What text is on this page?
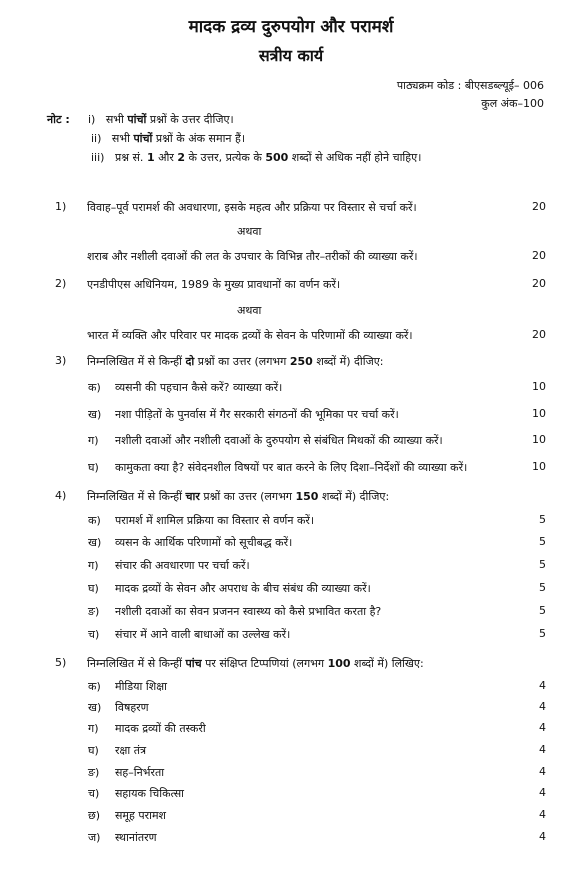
मादक द्रव्य दुरुपयोग और परामर्श
सत्रीय कार्य
पाठ्यक्रम कोड : बीएसडब्ल्यूई– 006
कुल अंक–100
नोट : i) सभी पांचों प्रश्नों के उत्तर दीजिए।
ii) सभी पांचों प्रश्नों के अंक समान हैं।
iii) प्रश्न सं. 1 और 2 के उत्तर, प्रत्येक के 500 शब्दों से अधिक नहीं होने चाहिए।
1) विवाह–पूर्व परामर्श की अवधारणा, इसके महत्व और प्रक्रिया पर विस्तार से चर्चा करें।	20
अथवा
शराब और नशीली दवाओं की लत के उपचार के विभिन्न तौर–तरीकों की व्याख्या करें।	20
2) एनडीपीएस अधिनियम, 1989 के मुख्य प्रावधानों का वर्णन करें।	20
अथवा
भारत में व्यक्ति और परिवार पर मादक द्रव्यों के सेवन के परिणामों की व्याख्या करें।	20
3) निम्नलिखित में से किन्हीं दो प्रश्नों का उत्तर (लगभग 250 शब्दों में) दीजिए:
क) व्यसनी की पहचान कैसे करें? व्याख्या करें।	10
ख) नशा पीड़ितों के पुनर्वास में गैर सरकारी संगठनों की भूमिका पर चर्चा करें।	10
ग) नशीली दवाओं और नशीली दवाओं के दुरुपयोग से संबंधित मिथकों की व्याख्या करें।	10
घ) कामुकता क्या है? संवेदनशील विषयों पर बात करने के लिए दिशा–निर्देशों की व्याख्या करें।	10
4) निम्नलिखित में से किन्हीं चार प्रश्नों का उत्तर (लगभग 150 शब्दों में) दीजिए:
क) परामर्श में शामिल प्रक्रिया का विस्तार से वर्णन करें।	5
ख) व्यसन के आर्थिक परिणामों को सूचीबद्ध करें।	5
ग) संचार की अवधारणा पर चर्चा करें।	5
घ) मादक द्रव्यों के सेवन और अपराध के बीच संबंध की व्याख्या करें।	5
ङ) नशीली दवाओं का सेवन प्रजनन स्वास्थ्य को कैसे प्रभावित करता है?	5
च) संचार में आने वाली बाधाओं का उल्लेख करें।	5
5) निम्नलिखित में से किन्हीं पांच पर संक्षिप्त टिप्पणियां (लगभग 100 शब्दों में) लिखिए:
क) मीडिया शिक्षा	4
ख) विषहरण	4
ग) मादक द्रव्यों की तस्करी	4
घ) रक्षा तंत्र	4
ङ) सह–निर्भरता	4
च) सहायक चिकित्सा	4
छ) समूह परामश	4
ज) स्थानांतरण	4
